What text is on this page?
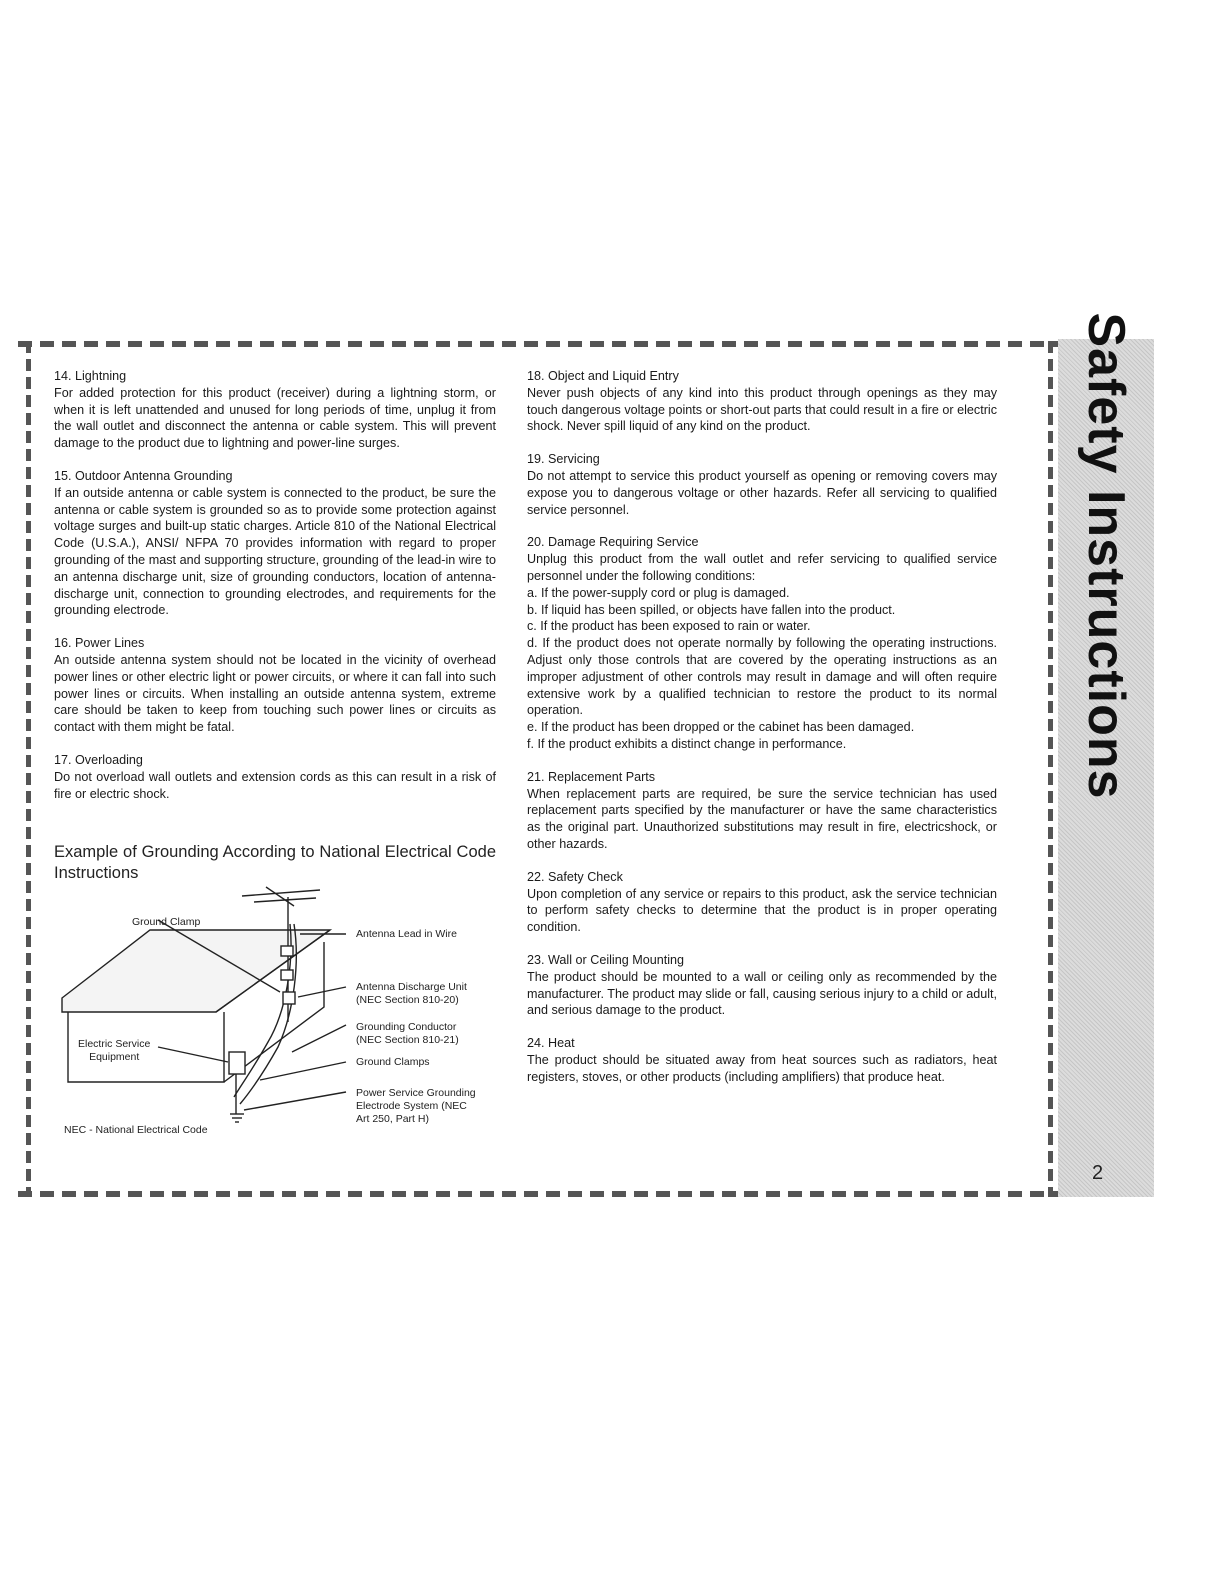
Safety Instructions
2
14. Lightning
For added protection for this product (receiver) during a lightning storm, or when it is left unattended and unused for long periods of time, unplug it from the wall outlet and disconnect the antenna or cable system. This will prevent damage to the product due to lightning and power-line surges.
15. Outdoor Antenna Grounding
If an outside antenna or cable system is connected to the product, be sure the antenna or cable system is grounded so as to provide some protection against voltage surges and built-up static charges. Article 810 of the National Electrical Code (U.S.A.), ANSI/ NFPA 70 provides information with regard to proper grounding of the mast and supporting structure, grounding of the lead-in wire to an antenna discharge unit, size of grounding conductors, location of antenna-discharge unit, connection to grounding electrodes, and requirements for the grounding electrode.
16. Power Lines
An outside antenna system should not be located in the vicinity of overhead power lines or other electric light or power circuits, or where it can fall into such power lines or circuits. When installing an outside antenna system, extreme care should be taken to keep from touching such power lines or circuits as contact with them might be fatal.
17. Overloading
Do not overload wall outlets and extension cords as this can result in a risk of fire or electric shock.
Example of Grounding According to National Electrical Code Instructions
Ground Clamp
Antenna Lead in Wire
Antenna Discharge Unit
(NEC Section 810-20)
Grounding Conductor
(NEC Section 810-21)
Ground Clamps
Power Service Grounding
Electrode System (NEC
Art 250, Part H)
Electric Service
Equipment
NEC - National Electrical Code
18. Object and Liquid Entry
Never push objects of any kind into this product through openings as they may touch dangerous voltage points or short-out parts that could result in a fire or electric shock. Never spill liquid of any kind on the product.
19. Servicing
Do not attempt to service this product yourself as opening or removing covers may expose you to dangerous voltage or other hazards. Refer all servicing to qualified service personnel.
20. Damage Requiring Service
Unplug this product from the wall outlet and refer servicing to qualified service personnel under the following conditions:
a. If the power-supply cord or plug is damaged.
b. If liquid has been spilled, or objects have fallen into the product.
c. If the product has been exposed to rain or water.
d. If the product does not operate normally by following the operating instructions. Adjust only those controls that are covered by the operating instructions as an improper adjustment of other controls may result in damage and will often require extensive work by a qualified technician to restore the product to its normal operation.
e. If the product has been dropped or the cabinet has been damaged.
f. If the product exhibits a distinct change in performance.
21. Replacement Parts
When replacement parts are required, be sure the service technician has used replacement parts specified by the manufacturer or have the same characteristics as the original part. Unauthorized substitutions may result in fire, electricshock, or other hazards.
22. Safety Check
Upon completion of any service or repairs to this product, ask the service technician to perform safety checks to determine that the product is in proper operating condition.
23. Wall or Ceiling Mounting
The product should be mounted to a wall or ceiling only as recommended by the manufacturer. The product may slide or fall, causing serious injury to a child or adult, and serious damage to the product.
24. Heat
The product should be situated away from heat sources such as radiators, heat registers, stoves, or other products (including amplifiers) that produce heat.
